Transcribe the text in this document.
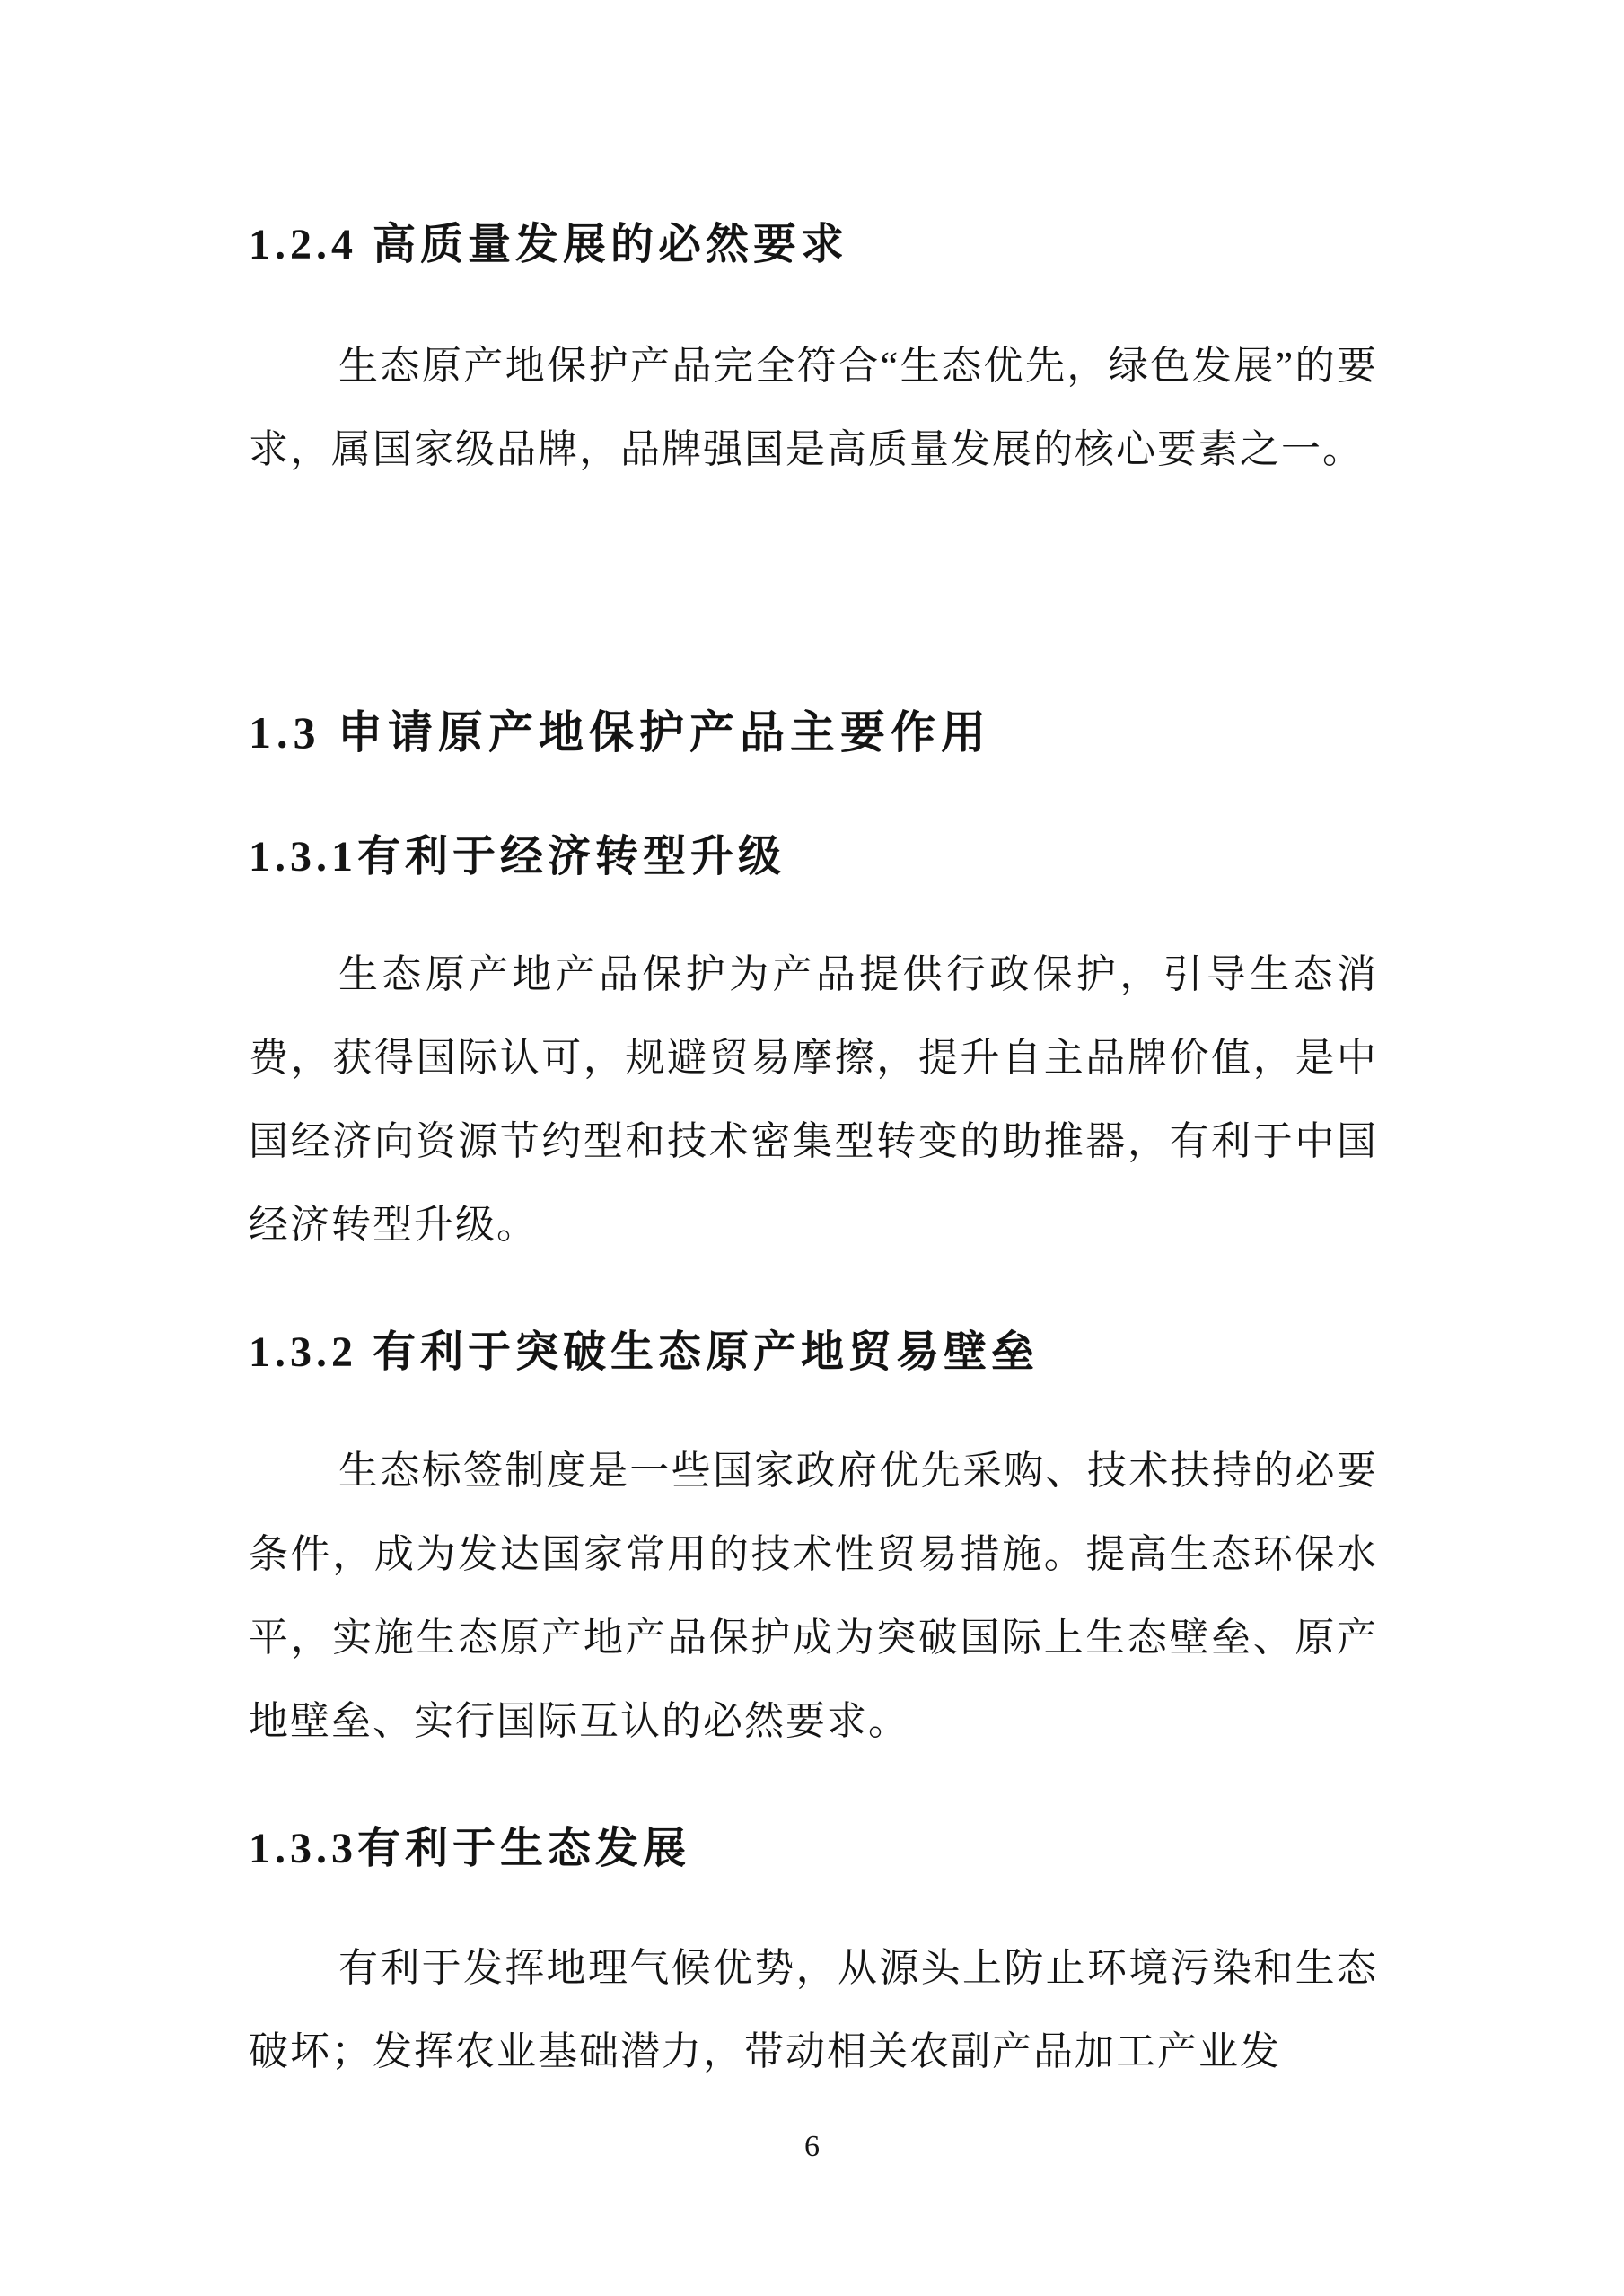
1.2.4 高质量发展的必然要求

生态原产地保护产品完全符合“生态优先，绿色发展”的要求，属国家级品牌，品牌强国是高质量发展的核心要素之一。

1.3 申请原产地保护产品主要作用
1.3.1有利于经济转型升级

生态原产地产品保护为产品提供行政保护，引导生态消费，获得国际认可，规避贸易摩擦，提升自主品牌价值，是中国经济向资源节约型和技术密集型转变的助推器，有利于中国经济转型升级。

1.3.2 有利于突破生态原产地贸易壁垒

生态标签制度是一些国家政府优先采购、技术扶持的必要条件，成为发达国家常用的技术性贸易措施。提高生态环保水平，实施生态原产地产品保护成为突破国际上生态壁垒、原产地壁垒、实行国际互认的必然要求。

1.3.3有利于生态发展

有利于发挥地理气候优势，从源头上防止环境污染和生态破坏；发挥农业基础潜力，带动相关农副产品加工产业发

6
